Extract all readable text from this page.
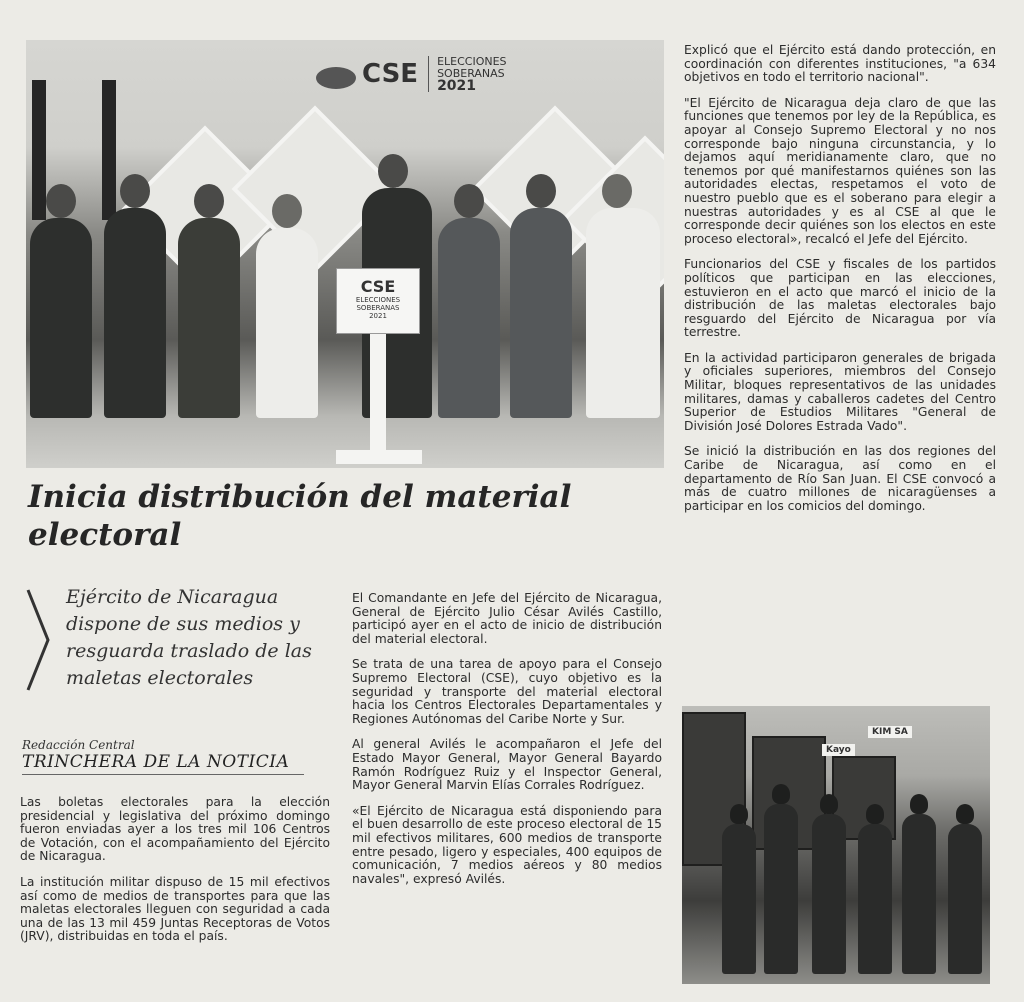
CSE	ELECCIONES
SOBERANAS
2021
CSE
ELECCIONES SOBERANAS
2021
Inicia distribución del material electoral
Ejército de Nicaragua dispone de sus medios y resguarda traslado de las maletas electorales
Redacción Central
TRINCHERA DE LA NOTICIA

Las boletas electorales para la elección presidencial y legislativa del próximo domingo fueron enviadas ayer a los tres mil 106 Centros de Votación, con el acompañamiento del Ejército de Nicaragua.

La institución militar dispuso de 15 mil efectivos así como de medios de transportes para que las maletas electorales lleguen con seguridad a cada una de las 13 mil 459 Juntas Receptoras de Votos (JRV), distribuidas en toda el país.

El Comandante en Jefe del Ejército de Nicaragua, General de Ejército Julio César Avilés Castillo, participó ayer en el acto de inicio de distribución del material electoral.

Se trata de una tarea de apoyo para el Consejo Supremo Electoral (CSE), cuyo objetivo es la seguridad y transporte del material electoral hacia los Centros Electorales Departamentales y Regiones Autónomas del Caribe Norte y Sur.

Al general Avilés le acompañaron el Jefe del Estado Mayor General, Mayor General Bayardo Ramón Rodríguez Ruiz y el Inspector General, Mayor General Marvin Elías Corrales Rodríguez.

«El Ejército de Nicaragua está disponiendo para el buen desarrollo de este proceso electoral de 15 mil efectivos militares, 600 medios de transporte entre pesado, ligero y especiales, 400 equipos de comunicación, 7 medios aéreos y 80 medios navales", expresó Avilés.

Explicó que el Ejército está dando protección, en coordinación con diferentes instituciones, "a 634 objetivos en todo el territorio nacional".

"El Ejército de Nicaragua deja claro de que las funciones que tenemos por ley de la República, es apoyar al Consejo Supremo Electoral y no nos corresponde bajo ninguna circunstancia, y lo dejamos aquí meridianamente claro, que no tenemos por qué manifestarnos quiénes son las autoridades electas, respetamos el voto de nuestro pueblo que es el soberano para elegir a nuestras autoridades y es al CSE al que le corresponde decir quiénes son los electos en este proceso electoral», recalcó el Jefe del Ejército.

Funcionarios del CSE y fiscales de los partidos políticos que participan en las elecciones, estuvieron en el acto que marcó el inicio de la distribución de las maletas electorales bajo resguardo del Ejército de Nicaragua por vía terrestre.

En la actividad participaron generales de brigada y oficiales superiores, miembros del Consejo Militar, bloques representativos de las unidades militares, damas y caballeros cadetes del Centro Superior de Estudios Militares "General de División José Dolores Estrada Vado".

Se inició la distribución en las dos regiones del Caribe de Nicaragua, así como en el departamento de Río San Juan. El CSE convocó a más de cuatro millones de nicaragüenses a participar en los comicios del domingo.

Kayo
KIM SA
